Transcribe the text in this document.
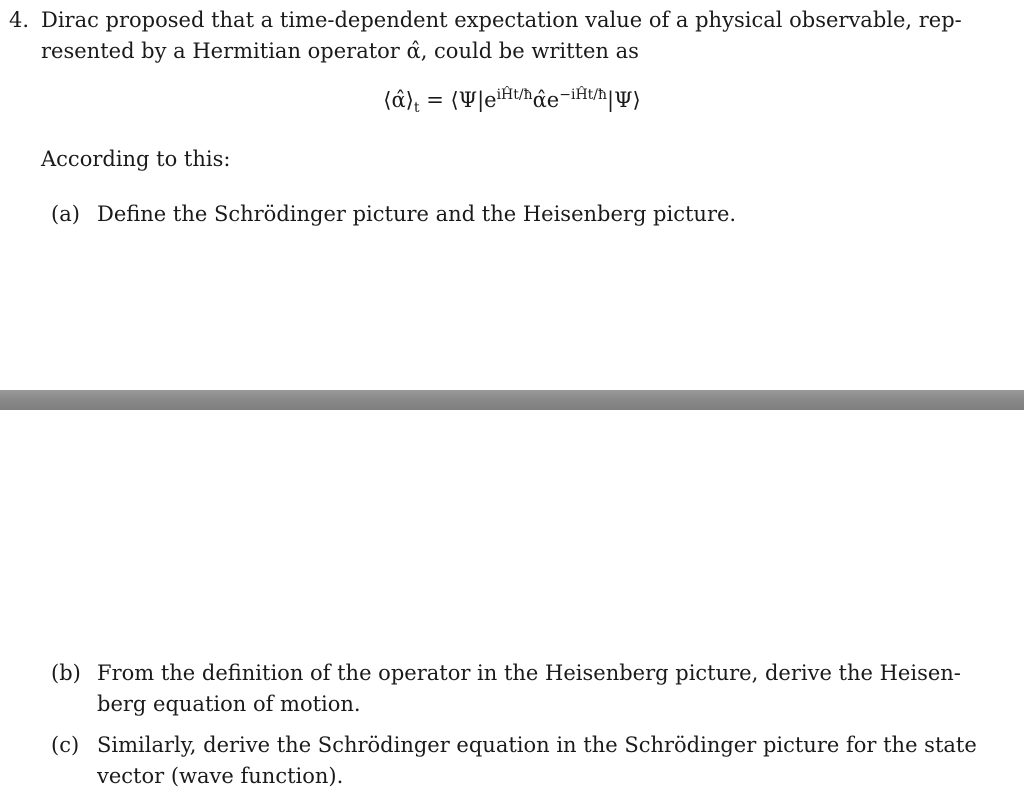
4. Dirac proposed that a time-dependent expectation value of a physical observable, rep-
resented by a Hermitian operator α̂, could be written as
$⟨\alphâ⟩_t$ = $⟨\Psi|e^{iĤt/ħ}\alphâe^{-iĤt/ħ}|\Psi⟩$
According to this:
(a) Define the Schrödinger picture and the Heisenberg picture.
(b) From the definition of the operator in the Heisenberg picture, derive the Heisen-
berg equation of motion.
(c) Similarly, derive the Schrödinger equation in the Schrödinger picture for the state
vector (wave function).
